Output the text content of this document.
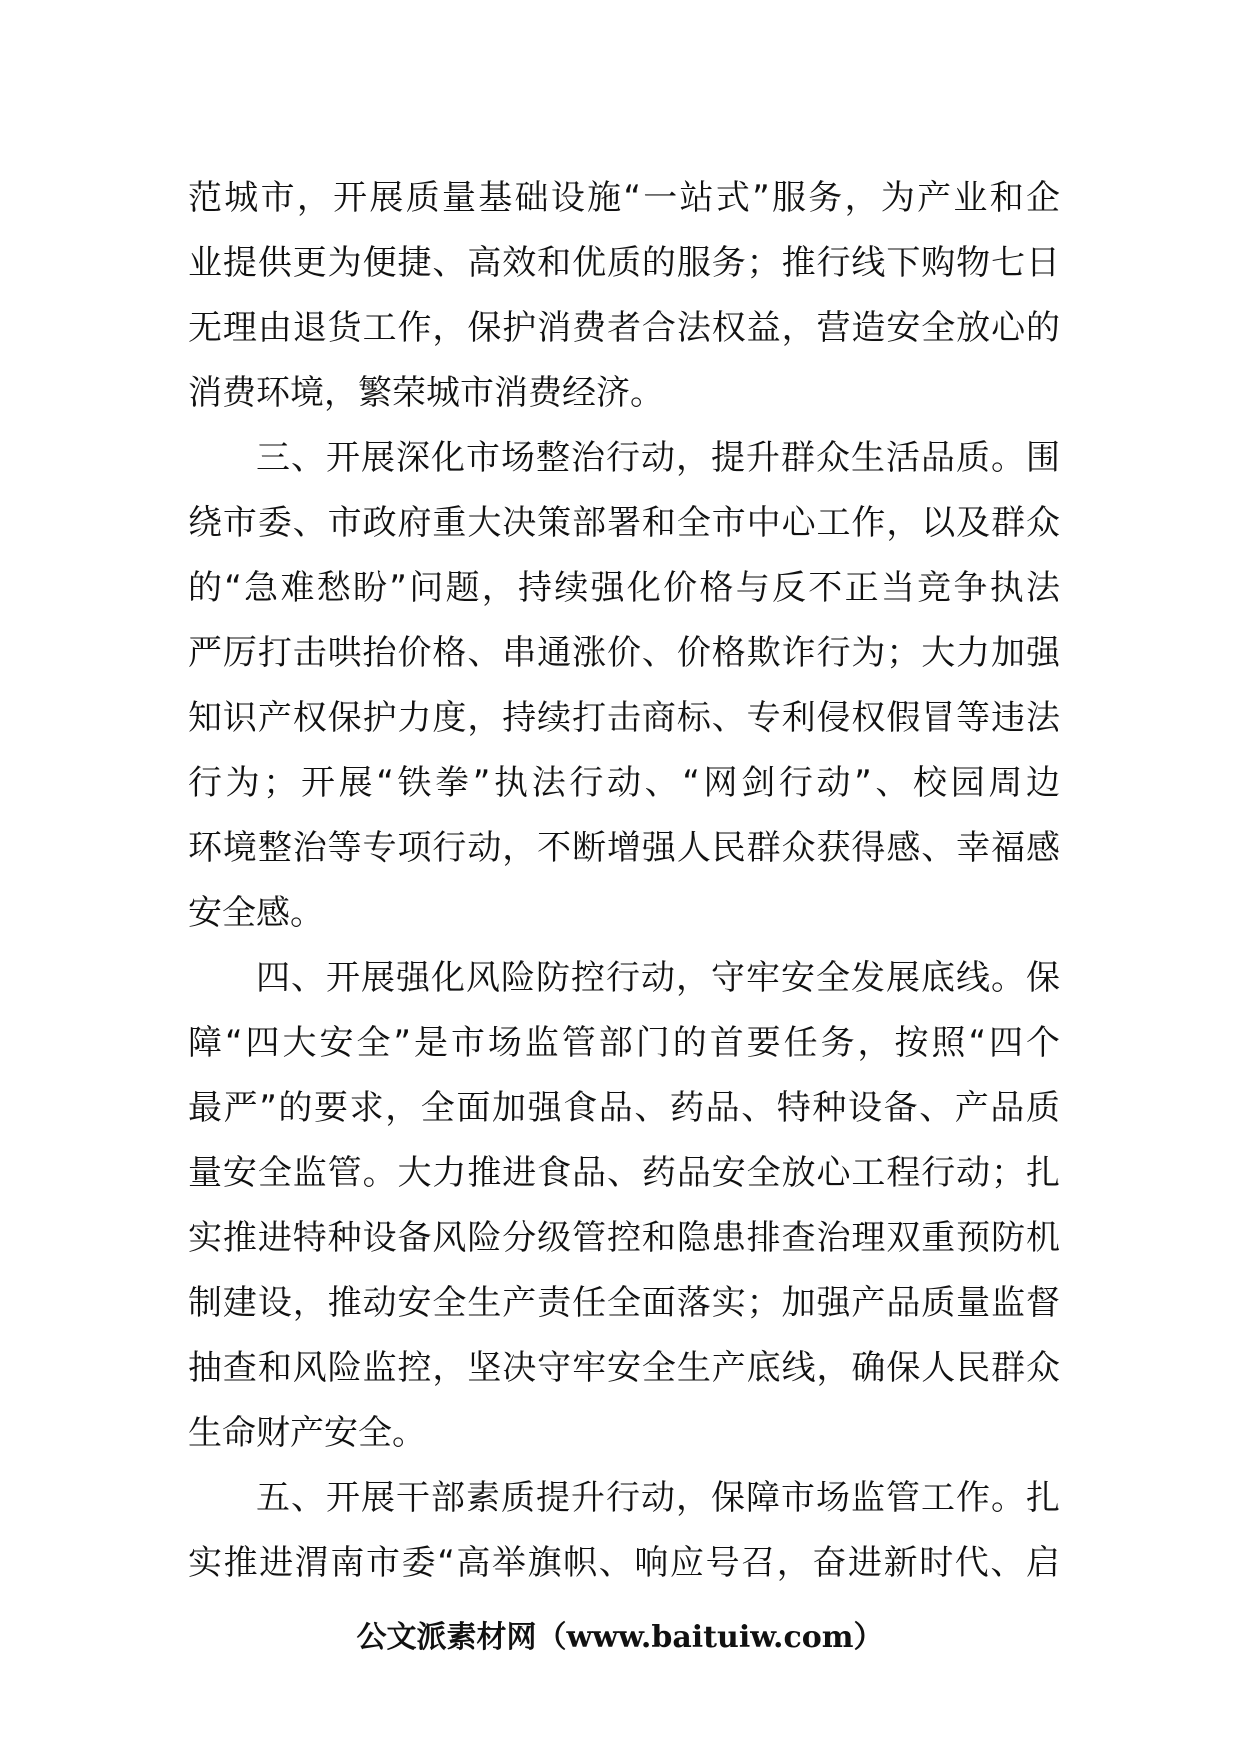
范城市，开展质量基础设施“一站式”服务，为产业和企
业提供更为便捷、高效和优质的服务；推行线下购物七日
无理由退货工作，保护消费者合法权益，营造安全放心的
消费环境，繁荣城市消费经济。
三、开展深化市场整治行动，提升群众生活品质。围
绕市委、市政府重大决策部署和全市中心工作，以及群众
的“急难愁盼”问题，持续强化价格与反不正当竞争执法
严厉打击哄抬价格、串通涨价、价格欺诈行为；大力加强
知识产权保护力度，持续打击商标、专利侵权假冒等违法
行为；开展“铁拳”执法行动、“网剑行动”、校园周边
环境整治等专项行动，不断增强人民群众获得感、幸福感
安全感。
四、开展强化风险防控行动，守牢安全发展底线。保
障“四大安全”是市场监管部门的首要任务，按照“四个
最严”的要求，全面加强食品、药品、特种设备、产品质
量安全监管。大力推进食品、药品安全放心工程行动；扎
实推进特种设备风险分级管控和隐患排查治理双重预防机
制建设，推动安全生产责任全面落实；加强产品质量监督
抽查和风险监控，坚决守牢安全生产底线，确保人民群众
生命财产安全。
五、开展干部素质提升行动，保障市场监管工作。扎
实推进渭南市委“高举旗帜、响应号召，奋进新时代、启
公文派素材网（www.baituiw.com）
